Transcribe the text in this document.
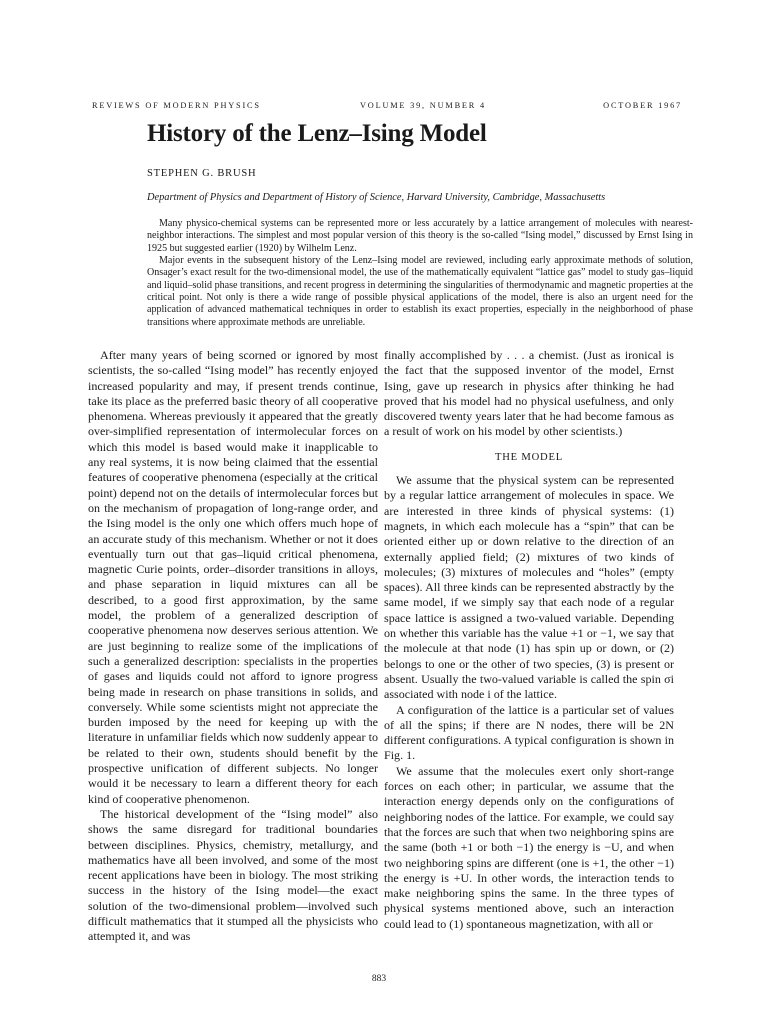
REVIEWS OF MODERN PHYSICS	VOLUME 39, NUMBER 4	OCTOBER 1967
History of the Lenz–Ising Model
STEPHEN G. BRUSH
Department of Physics and Department of History of Science, Harvard University, Cambridge, Massachusetts

Many physico-chemical systems can be represented more or less accurately by a lattice arrangement of molecules with nearest-neighbor interactions. The simplest and most popular version of this theory is the so-called “Ising model,” discussed by Ernst Ising in 1925 but suggested earlier (1920) by Wilhelm Lenz.

Major events in the subsequent history of the Lenz–Ising model are reviewed, including early approximate methods of solution, Onsager’s exact result for the two-dimensional model, the use of the mathematically equivalent “lattice gas” model to study gas–liquid and liquid–solid phase transitions, and recent progress in determining the singularities of thermodynamic and magnetic properties at the critical point. Not only is there a wide range of possible physical applications of the model, there is also an urgent need for the application of advanced mathematical techniques in order to establish its exact properties, especially in the neighborhood of phase transitions where approximate methods are unreliable.

After many years of being scorned or ignored by most scientists, the so-called “Ising model” has recently enjoyed increased popularity and may, if present trends continue, take its place as the preferred basic theory of all cooperative phenomena. Whereas previously it appeared that the greatly over-simplified representation of intermolecular forces on which this model is based would make it inapplicable to any real systems, it is now being claimed that the essential features of cooperative phenomena (especially at the critical point) depend not on the details of intermolecular forces but on the mechanism of propagation of long-range order, and the Ising model is the only one which offers much hope of an accurate study of this mechanism. Whether or not it does eventually turn out that gas–liquid critical phenomena, magnetic Curie points, order–disorder transitions in alloys, and phase separation in liquid mixtures can all be described, to a good first approximation, by the same model, the problem of a generalized description of cooperative phenomena now deserves serious attention. We are just beginning to realize some of the implications of such a generalized description: specialists in the properties of gases and liquids could not afford to ignore progress being made in research on phase transitions in solids, and conversely. While some scientists might not appreciate the burden imposed by the need for keeping up with the literature in unfamiliar fields which now suddenly appear to be related to their own, students should benefit by the prospective unification of different subjects. No longer would it be necessary to learn a different theory for each kind of cooperative phenomenon.

The historical development of the “Ising model” also shows the same disregard for traditional boundaries between disciplines. Physics, chemistry, metallurgy, and mathematics have all been involved, and some of the most recent applications have been in biology. The most striking success in the history of the Ising model—the exact solution of the two-dimensional problem—involved such difficult mathematics that it stumped all the physicists who attempted it, and was

finally accomplished by . . . a chemist. (Just as ironical is the fact that the supposed inventor of the model, Ernst Ising, gave up research in physics after thinking he had proved that his model had no physical usefulness, and only discovered twenty years later that he had become famous as a result of work on his model by other scientists.)

THE MODEL

We assume that the physical system can be represented by a regular lattice arrangement of molecules in space. We are interested in three kinds of physical systems: (1) magnets, in which each molecule has a “spin” that can be oriented either up or down relative to the direction of an externally applied field; (2) mixtures of two kinds of molecules; (3) mixtures of molecules and “holes” (empty spaces). All three kinds can be represented abstractly by the same model, if we simply say that each node of a regular space lattice is assigned a two-valued variable. Depending on whether this variable has the value +1 or −1, we say that the molecule at that node (1) has spin up or down, or (2) belongs to one or the other of two species, (3) is present or absent. Usually the two-valued variable is called the spin σi associated with node i of the lattice.

A configuration of the lattice is a particular set of values of all the spins; if there are N nodes, there will be 2N different configurations. A typical configuration is shown in Fig. 1.

We assume that the molecules exert only short-range forces on each other; in particular, we assume that the interaction energy depends only on the configurations of neighboring nodes of the lattice. For example, we could say that the forces are such that when two neighboring spins are the same (both +1 or both −1) the energy is −U, and when two neighboring spins are different (one is +1, the other −1) the energy is +U. In other words, the interaction tends to make neighboring spins the same. In the three types of physical systems mentioned above, such an interaction could lead to (1) spontaneous magnetization, with all or

883
